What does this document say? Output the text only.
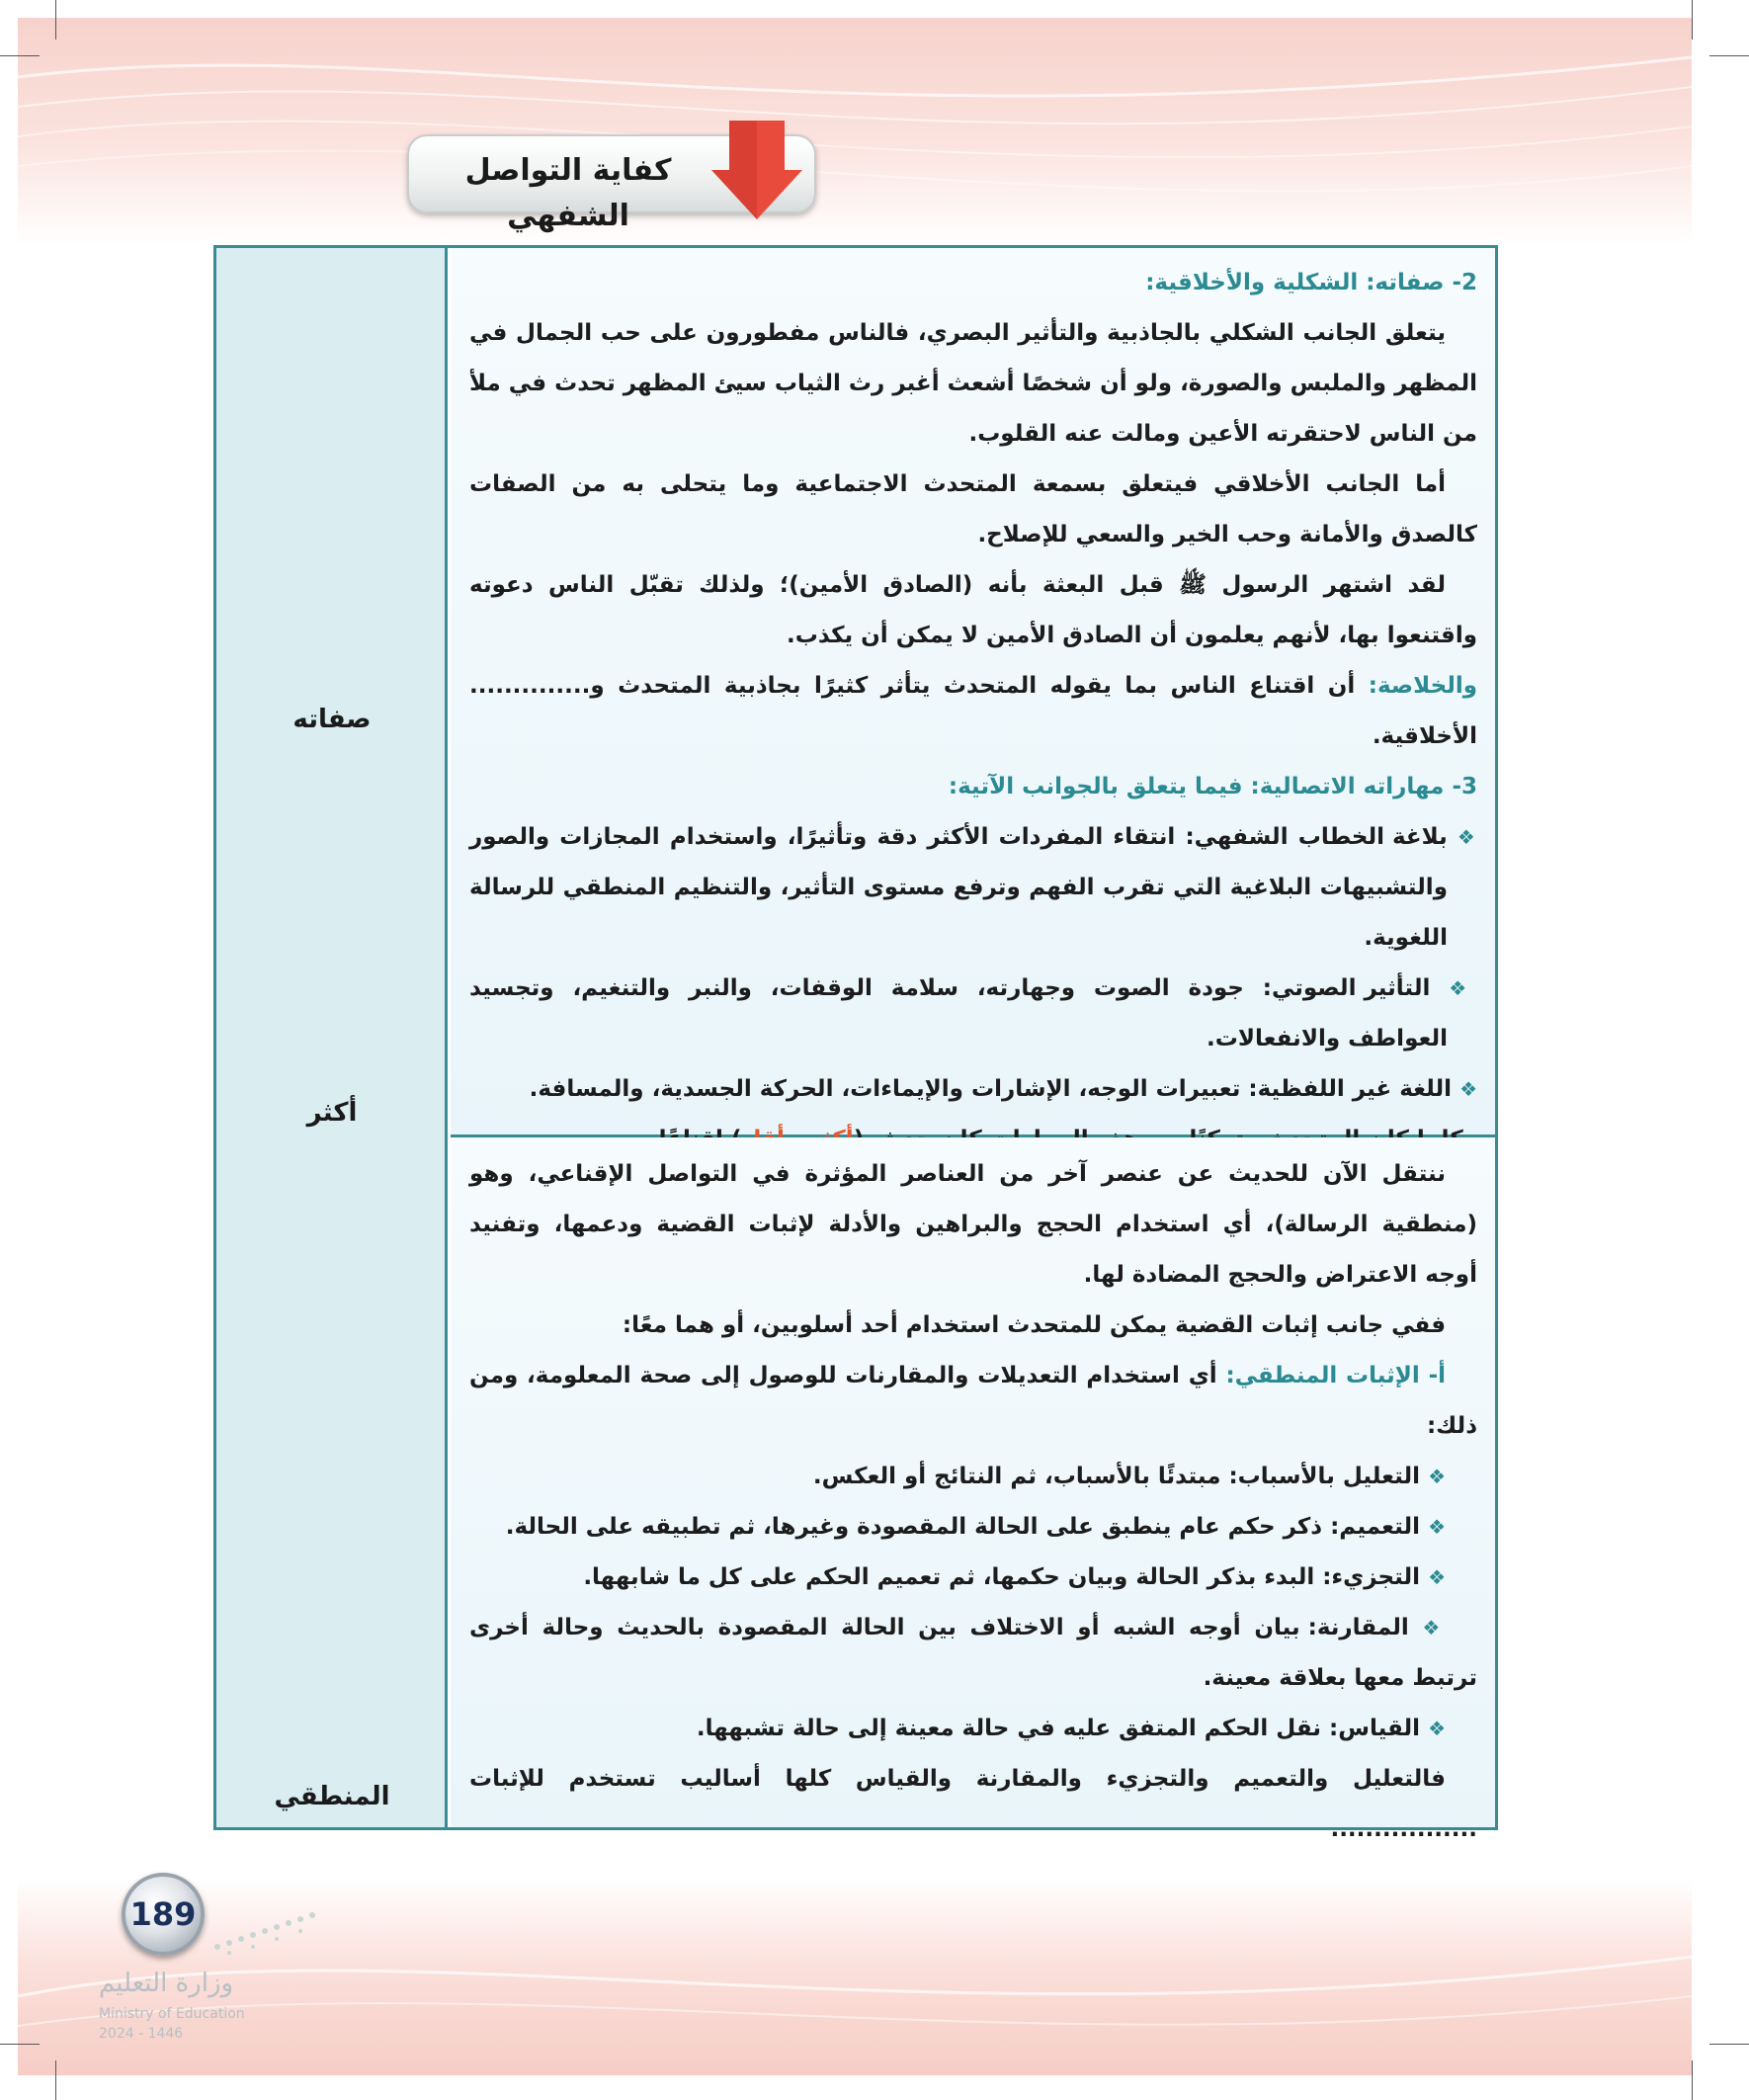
كفاية التواصل الشفهي
صفاته
أكثر
المنطقي

2- صفاته: الشكلية والأخلاقية:

يتعلق الجانب الشكلي بالجاذبية والتأثير البصري، فالناس مفطورون على حب الجمال في المظهر والملبس والصورة، ولو أن شخصًا أشعث أغبر رث الثياب سيئ المظهر تحدث في ملأ من الناس لاحتقرته الأعين ومالت عنه القلوب.

أما الجانب الأخلاقي فيتعلق بسمعة المتحدث الاجتماعية وما يتحلى به من الصفات كالصدق والأمانة وحب الخير والسعي للإصلاح.

لقد اشتهر الرسول ﷺ قبل البعثة بأنه (الصادق الأمين)؛ ولذلك تقبّل الناس دعوته واقتنعوا بها، لأنهم يعلمون أن الصادق الأمين لا يمكن أن يكذب.

والخلاصة: أن اقتناع الناس بما يقوله المتحدث يتأثر كثيرًا بجاذبية المتحدث و.............. الأخلاقية.

3- مهاراته الاتصالية: فيما يتعلق بالجوانب الآتية:

❖ بلاغة الخطاب الشفهي: انتقاء المفردات الأكثر دقة وتأثيرًا، واستخدام المجازات والصور والتشبيهات البلاغية التي تقرب الفهم وترفع مستوى التأثير، والتنظيم المنطقي للرسالة اللغوية.

❖ التأثير الصوتي: جودة الصوت وجهارته، سلامة الوقفات، والنبر والتنغيم، وتجسيد العواطف والانفعالات.

❖ اللغة غير اللفظية: تعبيرات الوجه، الإشارات والإيماءات، الحركة الجسدية، والمسافة.

ننتقل الآن للحديث عن عنصر آخر من العناصر المؤثرة في التواصل الإقناعي، وهو (منطقية الرسالة)، أي استخدام الحجج والبراهين والأدلة لإثبات القضية ودعمها، وتفنيد أوجه الاعتراض والحجج المضادة لها.

ففي جانب إثبات القضية يمكن للمتحدث استخدام أحد أسلوبين، أو هما معًا:

أ- الإثبات المنطقي: أي استخدام التعديلات والمقارنات للوصول إلى صحة المعلومة، ومن ذلك:

❖ التعليل بالأسباب: مبتدئًا بالأسباب، ثم النتائج أو العكس.

❖ التعميم: ذكر حكم عام ينطبق على الحالة المقصودة وغيرها، ثم تطبيقه على الحالة.

❖ التجزيء: البدء بذكر الحالة وبيان حكمها، ثم تعميم الحكم على كل ما شابهها.

❖ المقارنة: بيان أوجه الشبه أو الاختلاف بين الحالة المقصودة بالحديث وحالة أخرى ترتبط معها بعلاقة معينة.

❖ القياس: نقل الحكم المتفق عليه في حالة معينة إلى حالة تشبهها.

فالتعليل والتعميم والتجزيء والمقارنة والقياس كلها أساليب تستخدم للإثبات .................

189
وزارة التعليم
Ministry of Education
2024 - 1446
